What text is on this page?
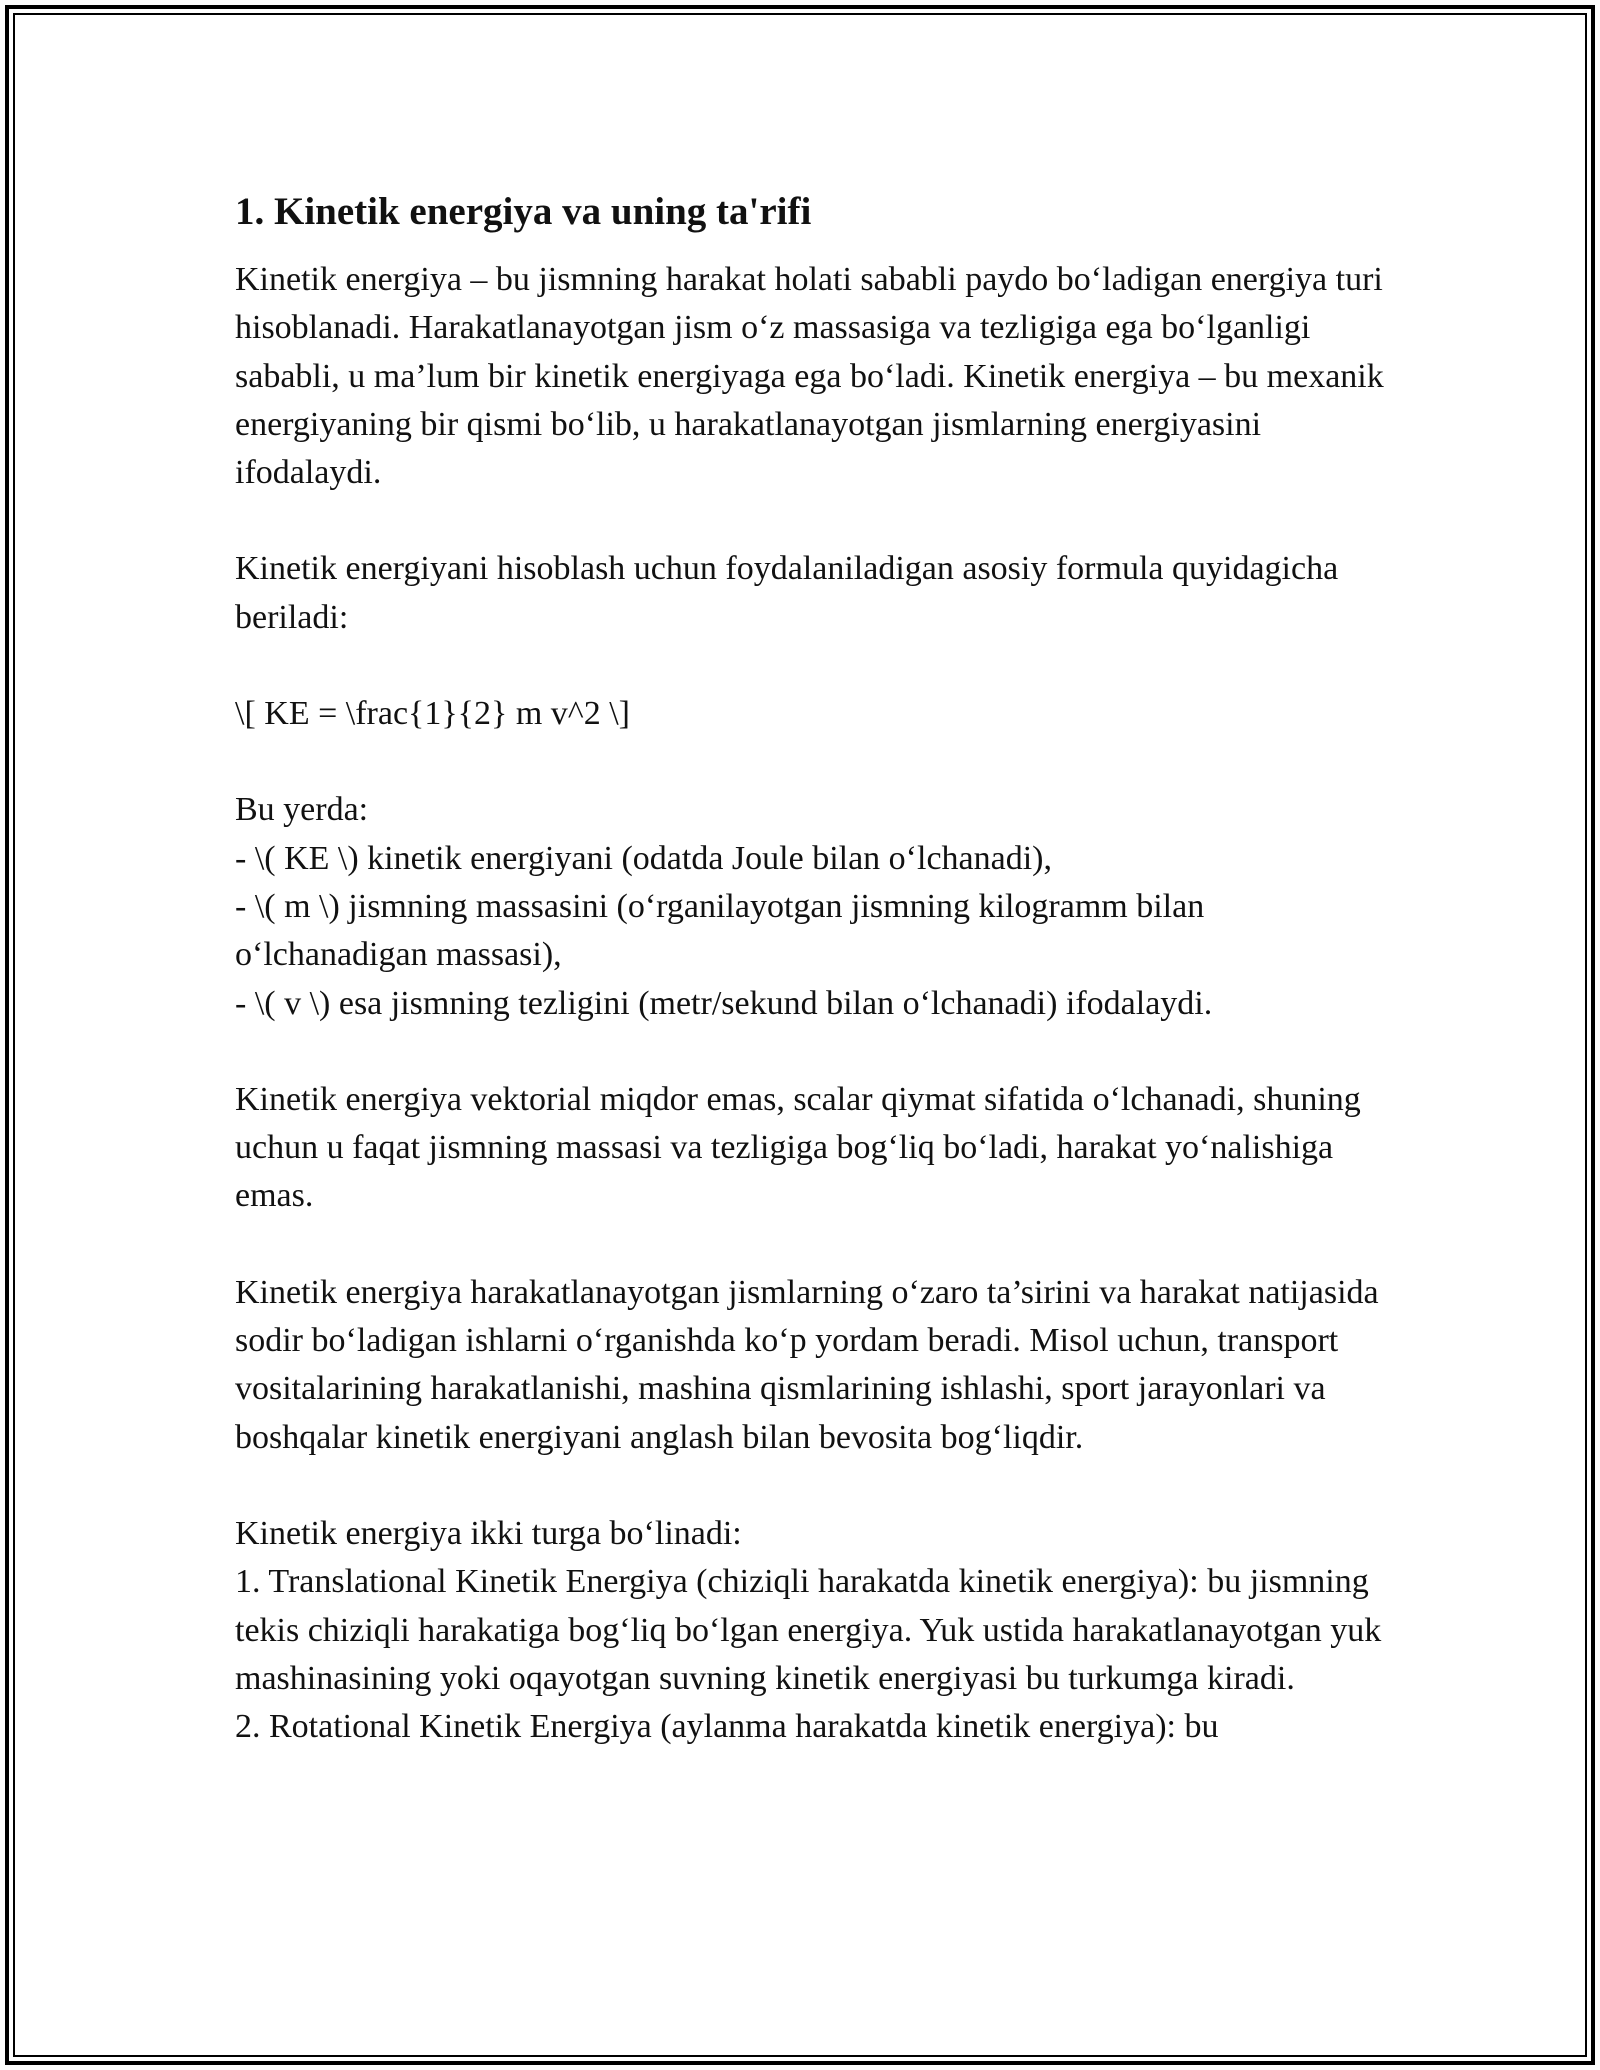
1. Kinetik energiya va uning ta'rifi

Kinetik energiya – bu jismning harakat holati sababli paydo bo‘ladigan energiya turi hisoblanadi. Harakatlanayotgan jism o‘z massasiga va tezligiga ega bo‘lganligi sababli, u ma’lum bir kinetik energiyaga ega bo‘ladi. Kinetik energiya – bu mexanik energiyaning bir qismi bo‘lib, u harakatlanayotgan jismlarning energiyasini ifodalaydi.

Kinetik energiyani hisoblash uchun foydalaniladigan asosiy formula quyidagicha beriladi:

\[ KE = \frac{1}{2} m v^2 \]

Bu yerda:
- \( KE \) kinetik energiyani (odatda Joule bilan o‘lchanadi),
- \( m \) jismning massasini (o‘rganilayotgan jismning kilogramm bilan o‘lchanadigan massasi),
- \( v \) esa jismning tezligini (metr/sekund bilan o‘lchanadi) ifodalaydi.

Kinetik energiya vektorial miqdor emas, scalar qiymat sifatida o‘lchanadi, shuning uchun u faqat jismning massasi va tezligiga bog‘liq bo‘ladi, harakat yo‘nalishiga emas.

Kinetik energiya harakatlanayotgan jismlarning o‘zaro ta’sirini va harakat natijasida sodir bo‘ladigan ishlarni o‘rganishda ko‘p yordam beradi. Misol uchun, transport vositalarining harakatlanishi, mashina qismlarining ishlashi, sport jarayonlari va boshqalar kinetik energiyani anglash bilan bevosita bog‘liqdir.

Kinetik energiya ikki turga bo‘linadi:
1. Translational Kinetik Energiya (chiziqli harakatda kinetik energiya): bu jismning tekis chiziqli harakatiga bog‘liq bo‘lgan energiya. Yuk ustida harakatlanayotgan yuk mashinasining yoki oqayotgan suvning kinetik energiyasi bu turkumga kiradi.
2. Rotational Kinetik Energiya (aylanma harakatda kinetik energiya): bu
